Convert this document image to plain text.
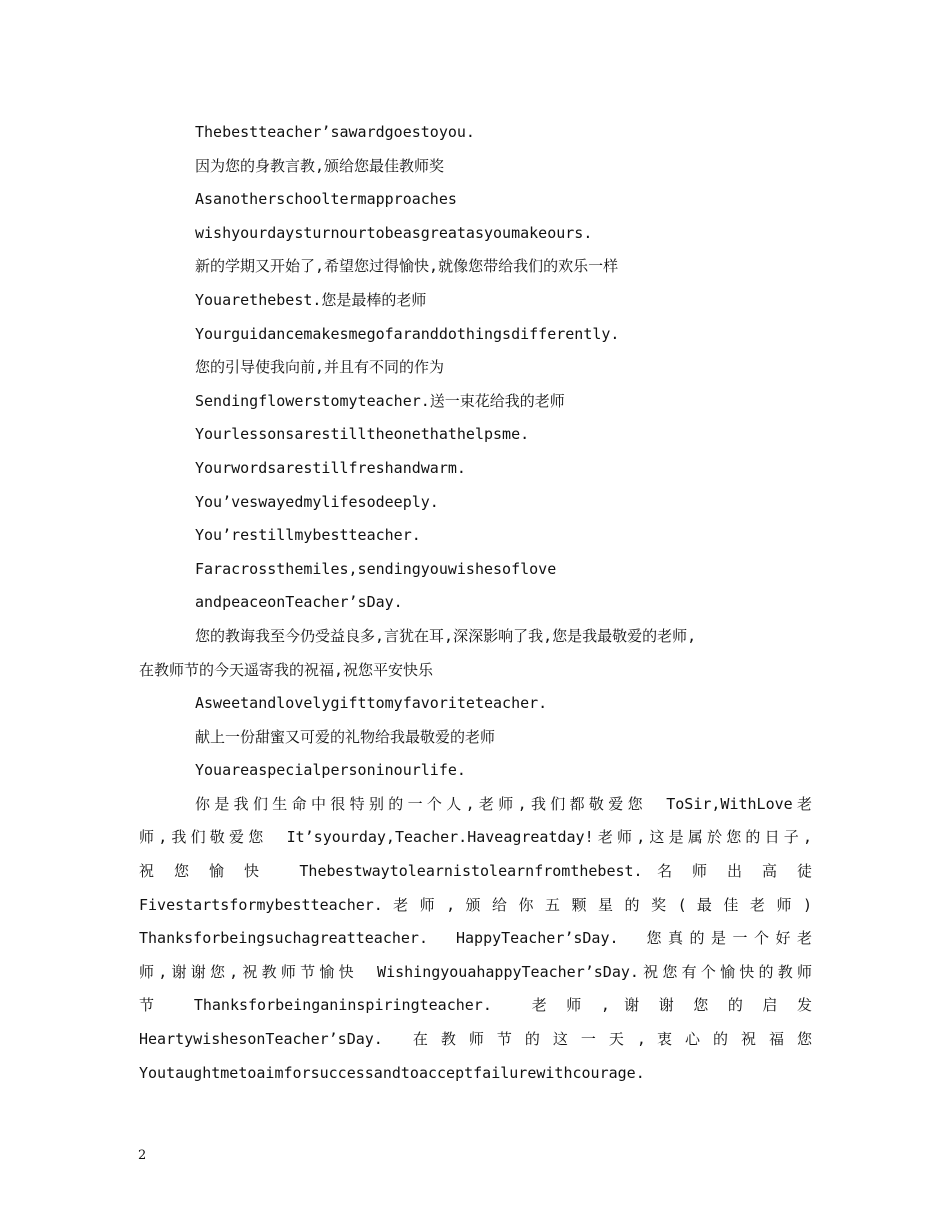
Thebestteacher’sawardgoestoyou.
因为您的身教言教,颁给您最佳教师奖
Asanotherschooltermapproaches
wishyourdaysturnourtobeasgreatasyoumakeours.
新的学期又开始了,希望您过得愉快,就像您带给我们的欢乐一样
Youarethebest.您是最棒的老师
Yourguidancemakesmegofaranddothingsdifferently.
您的引导使我向前,并且有不同的作为
Sendingflowerstomyteacher.送一束花给我的老师
Yourlessonsarestilltheonethathelpsme.
Yourwordsarestillfreshandwarm.
You’veswayedmylifesodeeply.
You’restillmybestteacher.
Faracrossthemiles,sendingyouwishesoflove
andpeaceonTeacher’sDay.
您的教诲我至今仍受益良多,言犹在耳,深深影响了我,您是我最敬爱的老师,
在教师节的今天遥寄我的祝福,祝您平安快乐
Asweetandlovelygifttomyfavoriteteacher.
献上一份甜蜜又可爱的礼物给我最敬爱的老师
Youareaspecialpersoninourlife.
你是我们生命中很特别的一个人,老师,我们都敬爱您　ToSir,WithLove老
师,我们敬爱您　It’syourday,Teacher.Haveagreatday!老师,这是属於您的日子,
祝 您 愉 快　 Thebestwaytolearnistolearnfromthebest. 名 师 出 高 徒
Fivestartsformybestteacher. 老 师 , 颁 给 你 五 颗 星 的 奖 ( 最 佳 老 师 )
Thanksforbeingsuchagreatteacher.　HappyTeacher’sDay.　您真的是一个好老
师,谢谢您,祝教师节愉快　WishingyouahappyTeacher’sDay.祝您有个愉快的教师
节　 Thanksforbeinganinspiringteacher.　 老 师 , 谢 谢 您 的 启 发
HeartywishesonTeacher’sDay.　 在 教 师 节 的 这 一 天 , 衷 心 的 祝 福 您
Youtaughtmetoaimforsuccessandtoacceptfailurewithcourage.
2
